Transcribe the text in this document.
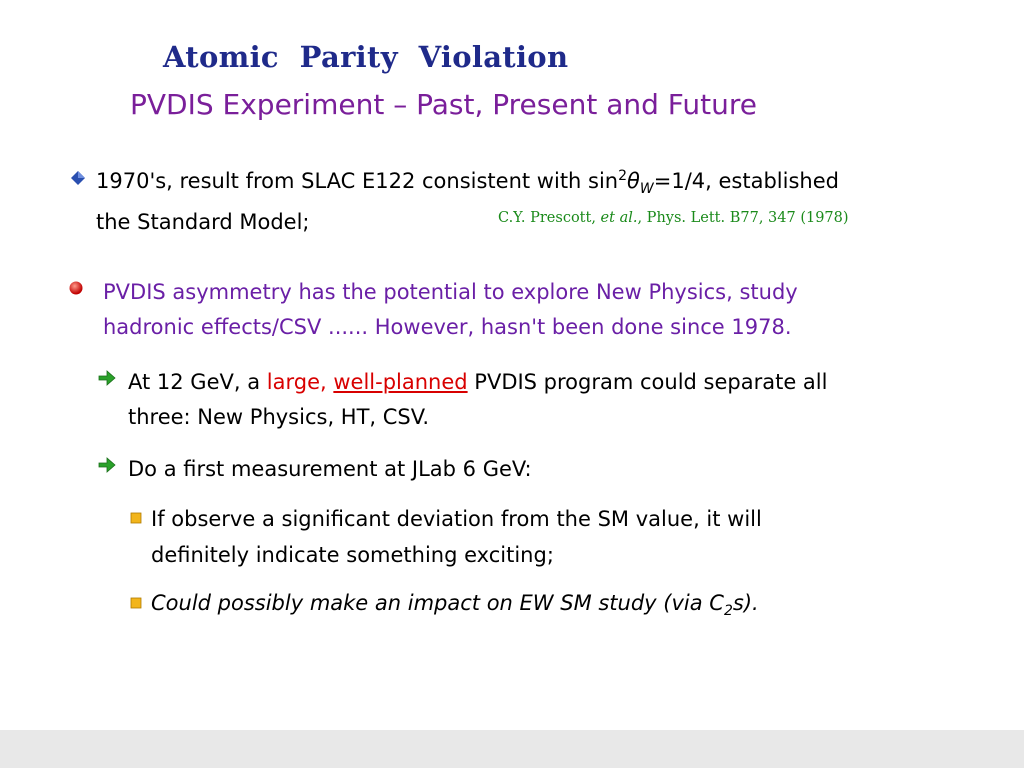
Atomic  Parity  Violation
PVDIS Experiment – Past, Present and Future
1970's, result from SLAC E122 consistent with $\sin^2\theta_W=1/4$, established
the Standard Model;	C.Y. Prescott, et al., Phys. Lett. B77, 347 (1978)
PVDIS asymmetry has the potential to explore New Physics, study
hadronic effects/CSV ...... However, hasn't been done since 1978.
At 12 GeV, a large, well-planned PVDIS program could separate all
three: New Physics, HT, CSV.
Do a first measurement at JLab 6 GeV:
If observe a significant deviation from the SM value, it will
definitely indicate something exciting;
Could possibly make an impact on EW SM study (via $C_2s$).
